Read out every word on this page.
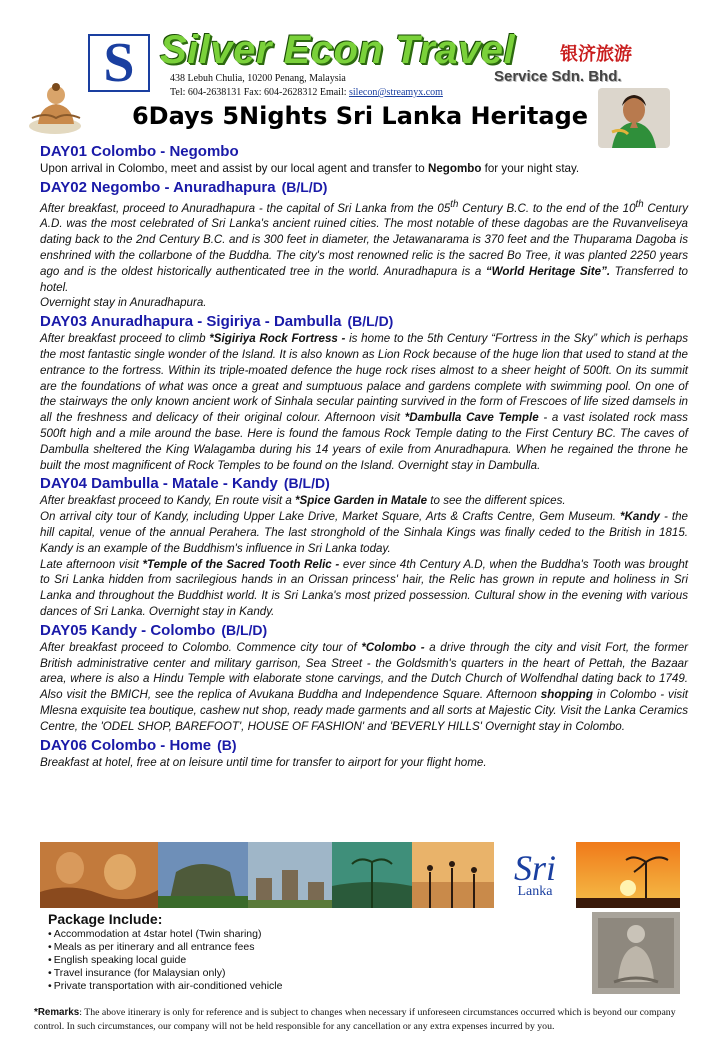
S Silver Econ Travel 银济旅游
Service Sdn. Bhd.
438 Lebuh Chulia, 10200 Penang, Malaysia
Tel: 604-2638131 Fax: 604-2628312 Email: silecon@streamyx.com
6Days 5Nights Sri Lanka Heritage

DAY01 Colombo - Negombo

Upon arrival in Colombo, meet and assist by our local agent and transfer to Negombo for your night stay.

DAY02 Negombo - Anuradhapura (B/L/D)

After breakfast, proceed to Anuradhapura - the capital of Sri Lanka from the 05th Century B.C. to the end of the 10th Century A.D. was the most celebrated of Sri Lanka's ancient ruined cities. The most notable of these dagobas are the Ruvanveliseya dating back to the 2nd Century B.C. and is 300 feet in diameter, the Jetawanarama is 370 feet and the Thuparama Dagoba is enshrined with the collarbone of the Buddha. The city's most renowned relic is the sacred Bo Tree, it was planted 2250 years ago and is the oldest historically authenticated tree in the world. Anuradhapura is a “World Heritage Site”. Transferred to hotel.
Overnight stay in Anuradhapura.

DAY03 Anuradhapura - Sigiriya - Dambulla (B/L/D)

After breakfast proceed to climb *Sigiriya Rock Fortress - is home to the 5th Century “Fortress in the Sky” which is perhaps the most fantastic single wonder of the Island. It is also known as Lion Rock because of the huge lion that used to stand at the entrance to the fortress. Within its triple-moated defence the huge rock rises almost to a sheer height of 500ft. On its summit are the foundations of what was once a great and sumptuous palace and gardens complete with swimming pool. On one of the stairways the only known ancient work of Sinhala secular painting survived in the form of Frescoes of life sized damsels in all the freshness and delicacy of their original colour. Afternoon visit *Dambulla Cave Temple - a vast isolated rock mass 500ft high and a mile around the base. Here is found the famous Rock Temple dating to the First Century BC. The caves of Dambulla sheltered the King Walagamba during his 14 years of exile from Anuradhapura. When he regained the throne he built the most magnificent of Rock Temples to be found on the Island. Overnight stay in Dambulla.

DAY04 Dambulla - Matale - Kandy (B/L/D)

After breakfast proceed to Kandy, En route visit a *Spice Garden in Matale to see the different spices.
On arrival city tour of Kandy, including Upper Lake Drive, Market Square, Arts & Crafts Centre, Gem Museum. *Kandy - the hill capital, venue of the annual Perahera. The last stronghold of the Sinhala Kings was finally ceded to the British in 1815. Kandy is an example of the Buddhism's influence in Sri Lanka today.
Late afternoon visit *Temple of the Sacred Tooth Relic - ever since 4th Century A.D, when the Buddha's Tooth was brought to Sri Lanka hidden from sacrilegious hands in an Orissan princess' hair, the Relic has grown in repute and holiness in Sri Lanka and throughout the Buddhist world. It is Sri Lanka's most prized possession. Cultural show in the evening with various dances of Sri Lanka. Overnight stay in Kandy.

DAY05 Kandy - Colombo (B/L/D)

After breakfast proceed to Colombo. Commence city tour of *Colombo - a drive through the city and visit Fort, the former British administrative center and military garrison, Sea Street - the Goldsmith's quarters in the heart of Pettah, the Bazaar area, where is also a Hindu Temple with elaborate stone carvings, and the Dutch Church of Wolfendhal dating back to 1749. Also visit the BMICH, see the replica of Avukana Buddha and Independence Square. Afternoon shopping in Colombo - visit Mlesna exquisite tea boutique, cashew nut shop, ready made garments and all sorts at Majestic City. Visit the Lanka Ceramics Centre, the 'ODEL SHOP, BAREFOOT', HOUSE OF FASHION' and 'BEVERLY HILLS' Overnight stay in Colombo.

DAY06 Colombo - Home (B)

Breakfast at hotel, free at on leisure until time for transfer to airport for your flight home.

Sri
Lanka

Package Include:

• Accommodation at 4star hotel (Twin sharing)
• Meals as per itinerary and all entrance fees
• English speaking local guide
• Travel insurance (for Malaysian only)
• Private transportation with air-conditioned vehicle
*Remarks: The above itinerary is only for reference and is subject to changes when necessary if unforeseen circumstances occurred which is beyond our company control. In such circumstances, our company will not be held responsible for any cancellation or any extra expenses incurred by you.
